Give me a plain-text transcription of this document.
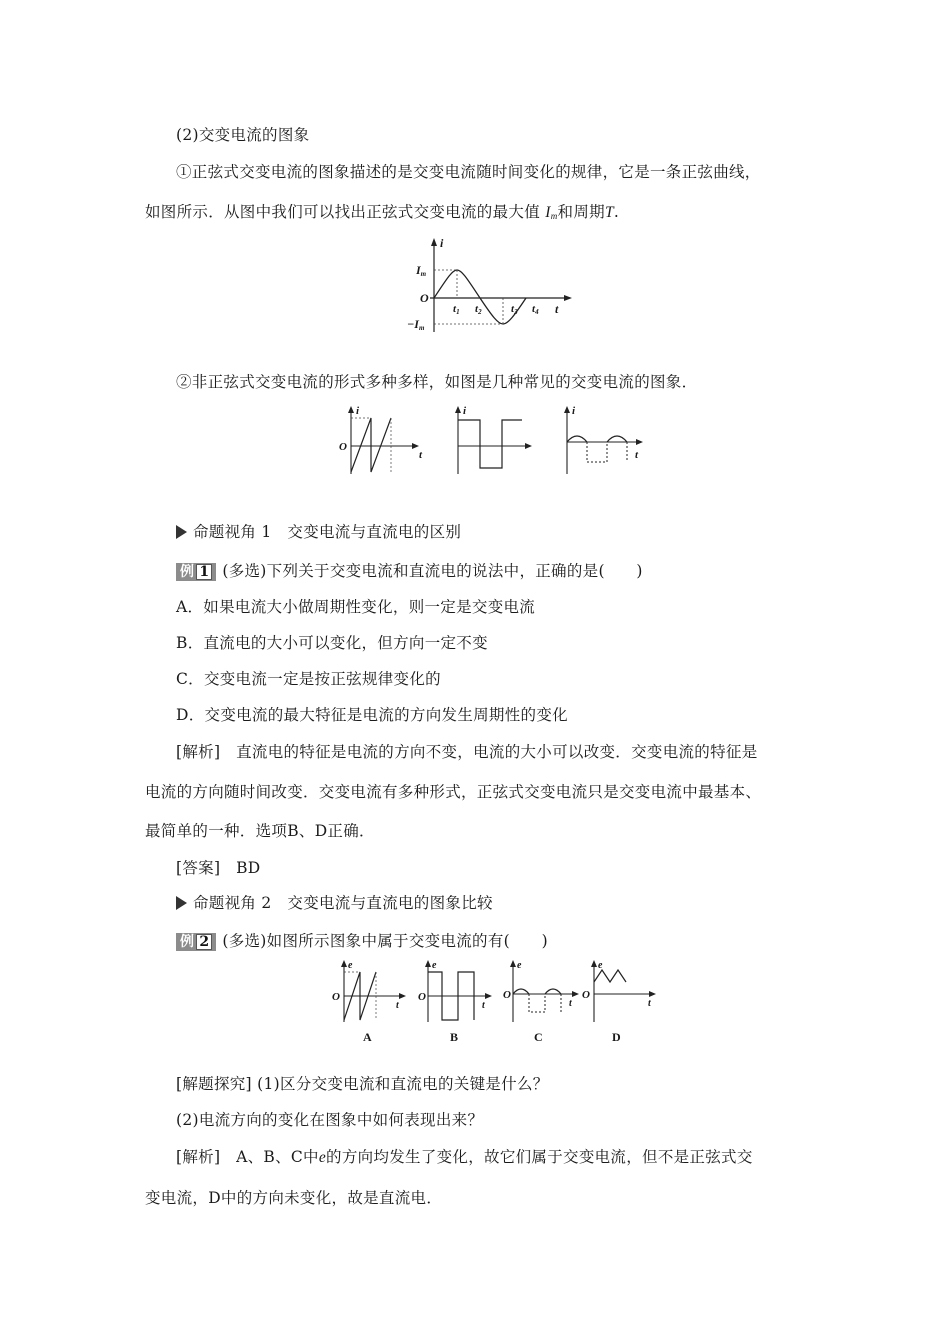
(2)交变电流的图象
①正弦式交变电流的图象描述的是交变电流随时间变化的规律，它是一条正弦曲线，
如图所示．从图中我们可以找出正弦式交变电流的最大值 $I_m$和周期T.
i
t
O
Im
−Im
t1 t2	t3 t4
②非正弦式交变电流的形式多种多样，如图是几种常见的交变电流的图象．
i
t
O
i	i
t
命题视角 1　交变电流与直流电的区别
例 1 (多选)下列关于交变电流和直流电的说法中，正确的是(　　)
A．如果电流大小做周期性变化，则一定是交变电流
B．直流电的大小可以变化，但方向一定不变
C．交变电流一定是按正弦规律变化的
D．交变电流的最大特征是电流的方向发生周期性的变化
[解析]　直流电的特征是电流的方向不变，电流的大小可以改变．交变电流的特征是
电流的方向随时间改变．交变电流有多种形式，正弦式交变电流只是交变电流中最基本、
最简单的一种．选项B、D正确．
[答案]　BD
命题视角 2　交变电流与直流电的图象比较
例 2 (多选)如图所示图象中属于交变电流的有(　　)
e
t
O
e
t
O
e
t
O
e
t
O
A	B	C	D
[解题探究] (1)区分交变电流和直流电的关键是什么？
(2)电流方向的变化在图象中如何表现出来？
[解析]　A、B、C中e的方向均发生了变化，故它们属于交变电流，但不是正弦式交
变电流，D中的方向未变化，故是直流电．
